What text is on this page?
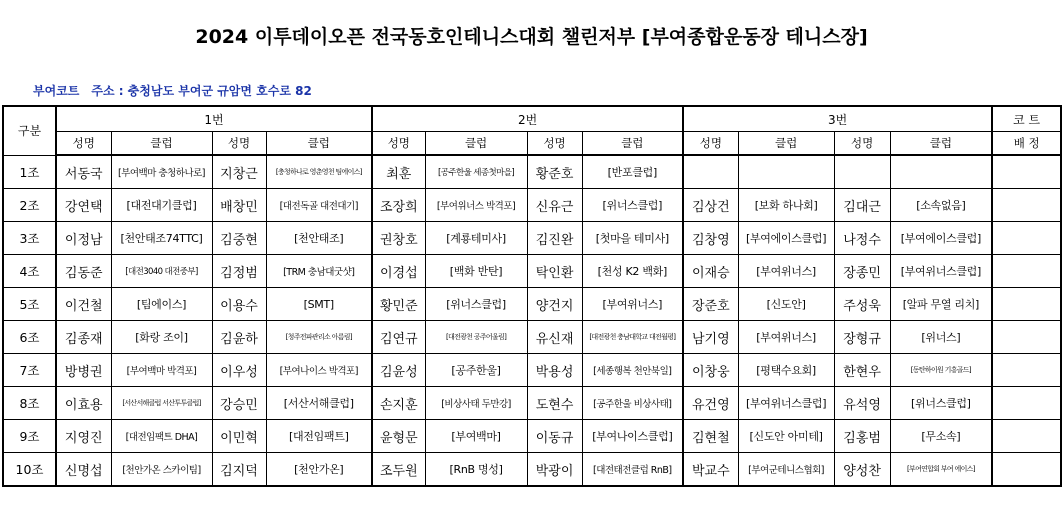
2024 이투데이오픈 전국동호인테니스대회 챌린저부 [부여종합운동장 테니스장]
부여코트 주소 : 충청남도 부여군 규암면 호수로 82
구분	1번				2번				3번				코 트
	성명	클럽	성명	클럽	성명	클럽	성명	클럽	성명	클럽	성명	클럽	배 정
1조	서동국	[부여백마 충청하나로]	지창근	[충청하나로 영춘영천 팀에이스]	최훈	[공주한울 세종첫마을]	황준호	[반포클럽]					
2조	강연택	[대전대기클럽]	배창민	[대전독골 대전대기]	조장희	[부여위너스 박격포]	신유근	[위너스클럽]	김상건	[보화 하나회]	김대근	[소속없음]	
3조	이정남	[천안태조74TTC]	김중현	[천안태조]	권창호	[계룡테미사]	김진완	[첫마을 테미사]	김창영	[부여에이스클럽]	나정수	[부여에이스클럽]	
4조	김동준	[대전3040 대전중부]	김정범	[TRM 충남대굿샷]	이경섭	[백화 반탄]	탁인환	[천성 K2 백화]	이재승	[부여위너스]	장종민	[부여위너스클럽]	
5조	이건철	[팀에이스]	이용수	[SMT]	황민준	[위너스클럽]	양건지	[부여위너스]	장준호	[신도안]	주성욱	[알파 무열 리치]	
6조	김종재	[화랑 조이]	김윤하	[청주전파관리소 아름림]	김연규	[대전광천 공주어울림]	유신재	[대전광천 충남대학교 대전월평]	남기영	[부여위너스]	장형규	[위너스]	
7조	방병권	[부여백마 박격포]	이우성	[부여나이스 박격포]	김윤성	[공주한울]	박용성	[세종행복 천안북일]	이창웅	[평택수요회]	한현우	[동탄하이원 기흥골드]	
8조	이효용	[서산서해클럽 서산투투클럽]	강승민	[서산서해클럽]	손지훈	[비상사태 두만강]	도현수	[공주한울 비상사태]	유건영	[부여위너스클럽]	유석영	[위너스클럽]	
9조	지영진	[대전임팩트 DHA]	이민혁	[대전임팩트]	윤형문	[부여백마]	이동규	[부여나이스클럽]	김현철	[신도안 아미테]	김홍범	[무소속]	
10조	신명섭	[천안가온 스카이팀]	김지덕	[천안가온]	조두원	[RnB 명성]	박광이	[대전태전클럽 RnB]	박교수	[부여군테니스협회]	양성찬	[부여연합회 부여 에이스]	
